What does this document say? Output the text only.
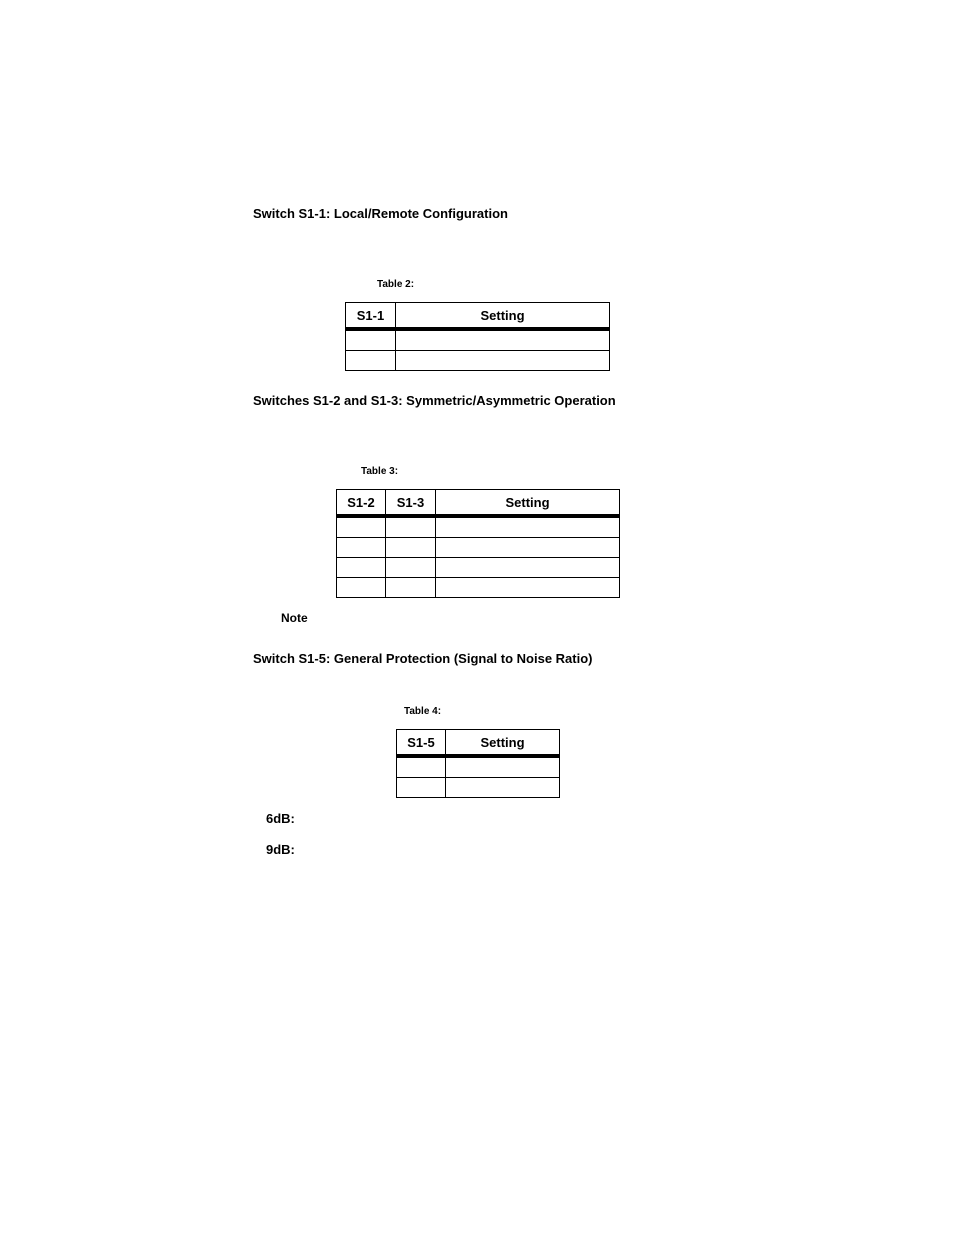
Switch S1-1: Local/Remote Configuration
Table 2:
S1-1	Setting

Switches S1-2 and S1-3: Symmetric/Asymmetric Operation
Table 3:
S1-2	S1-3	Setting

Note
Switch S1-5: General Protection (Signal to Noise Ratio)
Table 4:
S1-5	Setting

6dB:
9dB:
